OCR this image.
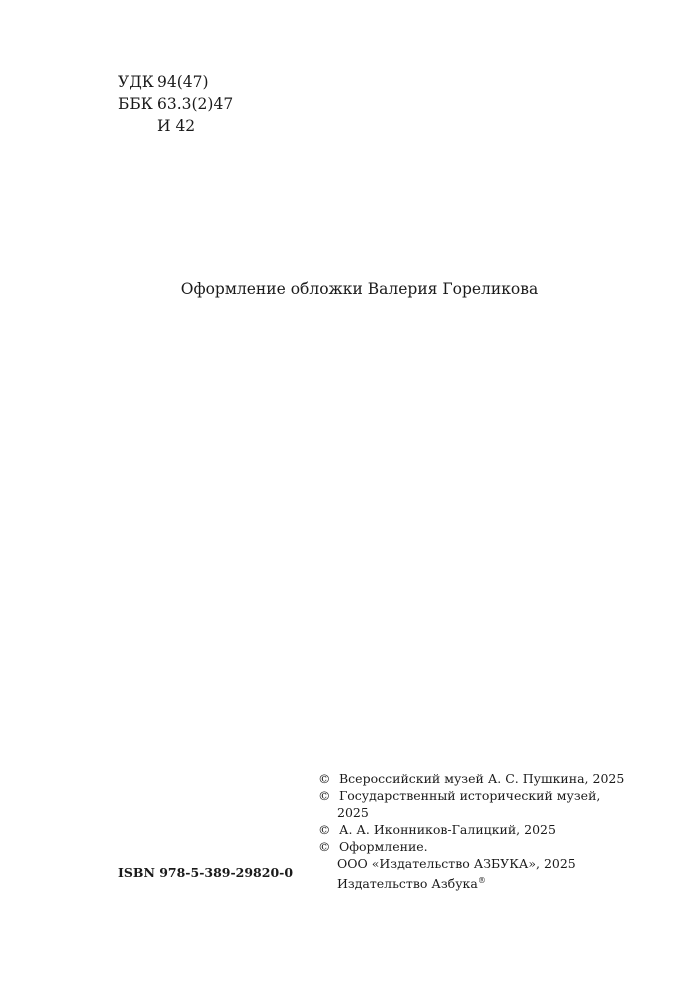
УДК 94(47)
ББК 63.3(2)47
И 42
Оформление обложки Валерия Гореликова
© Всероссийский музей А. С. Пушкина, 2025
© Государственный исторический музей,
2025
© А. А. Иконников-Галицкий, 2025
© Оформление.
ООО «Издательство АЗБУКА», 2025
Издательство Азбука®
ISBN 978-5-389-29820-0
